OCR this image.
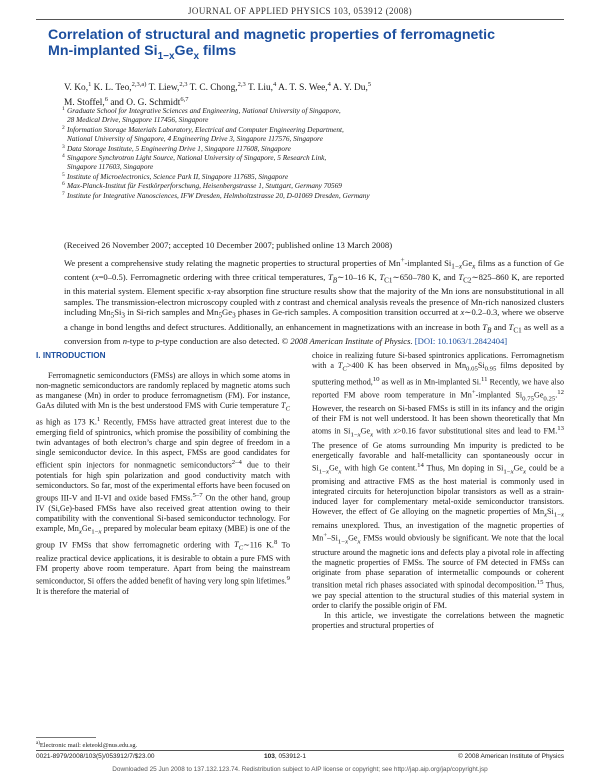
JOURNAL OF APPLIED PHYSICS 103, 053912 (2008)
Correlation of structural and magnetic properties of ferromagnetic
Mn-implanted $Si_{1-x}Ge_x$ films
V. Ko,$^1$ K. L. Teo,$^{2,3,a)}$ T. Liew,$^{2,3}$ T. C. Chong,$^{2,3}$ T. Liu,$^4$ A. T. S. Wee,$^4$ A. Y. Du,$^5$
M. Stoffel,$^6$ and O. G. Schmidt$^{6,7}$
1 Graduate School for Integrative Sciences and Engineering, National University of Singapore,
28 Medical Drive, Singapore 117456, Singapore
2 Information Storage Materials Laboratory, Electrical and Computer Engineering Department,
National University of Singapore, 4 Engineering Drive 3, Singapore 117576, Singapore
3 Data Storage Institute, 5 Engineering Drive 1, Singapore 117608, Singapore
4 Singapore Synchrotron Light Source, National University of Singapore, 5 Research Link,
Singapore 117603, Singapore
5 Institute of Microelectronics, Science Park II, Singapore 117685, Singapore
6 Max-Planck-Institut für Festkörperforschung, Heisenbergstrasse 1, Stuttgart, Germany 70569
7 Institute for Integrative Nanosciences, IFW Dresden, Helmholtzstrasse 20, D-01069 Dresden, Germany
(Received 26 November 2007; accepted 10 December 2007; published online 13 March 2008)
We present a comprehensive study relating the magnetic properties to structural properties of Mn+-implanted $Si_{1-x}Ge_x$ films as a function of Ge content (x=0–0.5). Ferromagnetic ordering with three critical temperatures, $T_B\sim 10-16$ K, $T_{C1}\sim 650-780$ K, and $T_{C2}\sim 825-860$ K, are reported in this material system. Element specific x-ray absorption fine structure results show that the majority of the Mn ions are nonsubstitutional in all samples. The transmission-electron microscopy coupled with z contrast and chemical analysis reveals the presence of Mn-rich nanosized clusters including $Mn_5Si_3$ in Si-rich samples and $Mn_5Ge_3$ phases in Ge-rich samples. A composition transition occurred at x∼0.2–0.3, where we observe a change in bond lengths and defect structures. Additionally, an enhancement in magnetizations with an increase in both $T_B$ and $T_{C1}$ as well as a conversion from n-type to p-type conduction are also detected. © 2008 American Institute of Physics. [DOI: 10.1063/1.2842404]
I. INTRODUCTION

Ferromagnetic semiconductors (FMSs) are alloys in which some atoms in non-magnetic semiconductors are randomly replaced by magnetic atoms such as manganese (Mn) in order to produce ferromagnetism (FM). For instance, GaAs diluted with Mn is the best understood FMS with Curie temperature $T_C$ as high as 173 K.$^1$ Recently, FMSs have attracted great interest due to the emerging field of spintronics, which promise the possibility of combining the twin advantages of both electron’s charge and spin degree of freedom in a single semiconductor device. In this aspect, FMSs are good candidates for efficient spin injectors for nonmagnetic semiconductors$^{2-4}$ due to their potentials for high spin polarization and good conductivity match with semiconductors. So far, most of the experimental efforts have been focused on groups III-V and II-VI and oxide based FMSs.$^{5-7}$ On the other hand, group IV (Si,Ge)-based FMSs have also received great attention owing to their compatibility with the conventional Si-based semiconductor technology. For example, $Mn_xGe_{1-x}$ prepared by molecular beam epitaxy (MBE) is one of the group IV FMSs that show ferromagnetic ordering with $T_C\sim 116$ K.$^8$ To realize practical device applications, it is desirable to obtain a pure FMS with FM property above room temperature. Apart from being the mainstream semiconductor, Si offers the added benefit of having very long spin lifetimes.$^9$ It is therefore the material of

choice in realizing future Si-based spintronics applications. Ferromagnetism with a $T_C>400$ K has been observed in $Mn_{0.05}Si_{0.95}$ films deposited by sputtering method,$^{10}$ as well as in Mn-implanted Si.$^{11}$ Recently, we have also reported FM above room temperature in Mn+-implanted $Si_{0.75}Ge_{0.25}.^{12}$ However, the research on Si-based FMSs is still in its infancy and the origin of their FM is not well understood. It has been shown theoretically that Mn atoms in $Si_{1-x}Ge_x$ with x>0.16 favor substitutional sites and lead to FM.$^{13}$ The presence of Ge atoms surrounding Mn impurity is predicted to be energetically favorable and half-metallicity can spontaneously occur in $Si_{1-x}Ge_x$ with high Ge content.$^{14}$ Thus, Mn doping in $Si_{1-x}Ge_x$ could be a promising and attractive FMS as the host material is commonly used in integrated circuits for heterojunction bipolar transistors as well as a strain-induced layer for complementary metal-oxide semiconductor transistors. However, the effect of Ge alloying on the magnetic properties of $Mn_xSi_{1-x}$ remains unexplored. Thus, an investigation of the magnetic properties of $Mn^+-Si_{1-x}Ge_x$ FMSs would obviously be significant. We note that the local structure around the magnetic ions and defects play a pivotal role in affecting the magnetic properties of FMSs. The source of FM detected in FMSs can originate from phase separation of intermetallic compounds or coherent transition metal rich phases associated with spinodal decomposition.$^{15}$ Thus, we pay special attention to the structural studies of this material system in order to clarify the possible origin of FM.

In this article, we investigate the correlations between the magnetic properties and structural properties of

$^{a)}$Electronic mail: eleteokl@nus.edu.sg.
0021-8979/2008/103(5)/053912/7/$23.00	103, 053912-1	© 2008 American Institute of Physics
Downloaded 25 Jun 2008 to 137.132.123.74. Redistribution subject to AIP license or copyright; see http://jap.aip.org/jap/copyright.jsp
